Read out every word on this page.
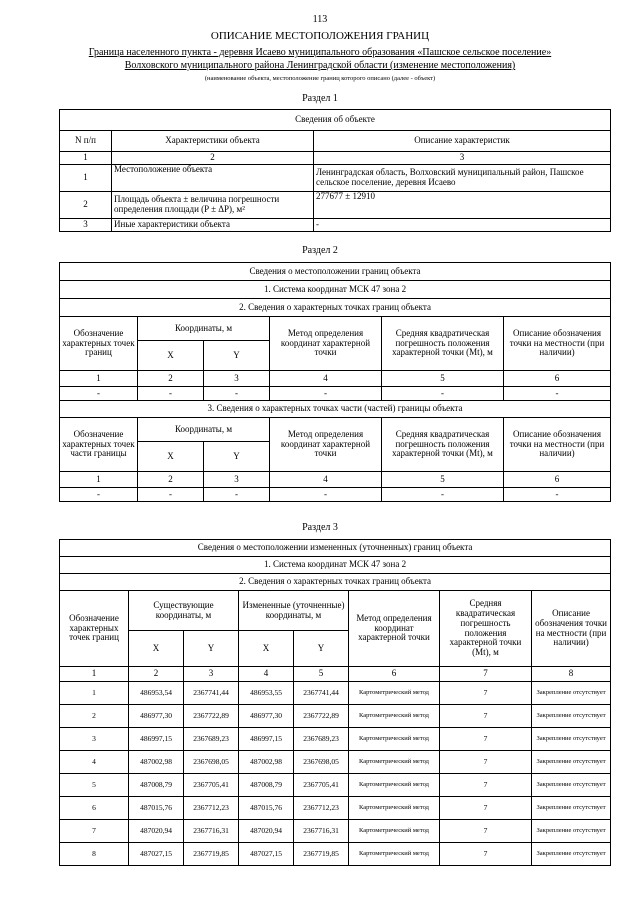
113
ОПИСАНИЕ МЕСТОПОЛОЖЕНИЯ ГРАНИЦ
Граница населенного пункта - деревня Исаево муниципального образования «Пашское сельское поселение»
Волховского муниципального района Ленинградской области (изменение местоположения)
(наименование объекта, местоположение границ которого описано (далее - объект)
Раздел 1
Сведения об объекте		
N п/п	Характеристики объекта	Описание характеристик
1	2	3
1	Местоположение объекта	Ленинградская область, Волховский муниципальный район, Пашское сельское поселение, деревня Исаево
2	Площадь объекта ± величина погрешности определения площади (P ± ΔP), м²	277677 ± 12910
3	Иные характеристики объекта	-
Раздел 2
Сведения о местоположении границ объекта					
1. Система координат МСК 47 зона 2					
2. Сведения о характерных точках границ объекта					
Обозначение характерных точек границ	Координаты, м		Метод определения координат характерной точки	Средняя квадратическая погрешность положения характерной точки (Mt), м	Описание обозначения точки на местности (при наличии)
	X	Y			
1	2	3	4	5	6
-	-	-	-	-	-
3. Сведения о характерных точках части (частей) границы объекта					
Обозначение характерных точек части границы	Координаты, м		Метод определения координат характерной точки	Средняя квадратическая погрешность положения характерной точки (Mt), м	Описание обозначения точки на местности (при наличии)
	X	Y			
1	2	3	4	5	6
-	-	-	-	-	-
Раздел 3
Сведения о местоположении измененных (уточненных) границ объекта							
1. Система координат МСК 47 зона 2							
2. Сведения о характерных точках границ объекта							
Обозначение характерных точек границ	Существующие координаты, м		Измененные (уточненные) координаты, м		Метод определения координат характерной точки	Средняя квадратическая погрешность положения характерной точки (Mt), м	Описание обозначения точки на местности (при наличии)
	X	Y	X	Y			
1	2	3	4	5	6	7	8
1	486953,54	2367741,44	486953,55	2367741,44	Картометрический метод	7	Закрепление отсутствует
2	486977,30	2367722,89	486977,30	2367722,89	Картометрический метод	7	Закрепление отсутствует
3	486997,15	2367689,23	486997,15	2367689,23	Картометрический метод	7	Закрепление отсутствует
4	487002,98	2367698,05	487002,98	2367698,05	Картометрический метод	7	Закрепление отсутствует
5	487008,79	2367705,41	487008,79	2367705,41	Картометрический метод	7	Закрепление отсутствует
6	487015,76	2367712,23	487015,76	2367712,23	Картометрический метод	7	Закрепление отсутствует
7	487020,94	2367716,31	487020,94	2367716,31	Картометрический метод	7	Закрепление отсутствует
8	487027,15	2367719,85	487027,15	2367719,85	Картометрический метод	7	Закрепление отсутствует
